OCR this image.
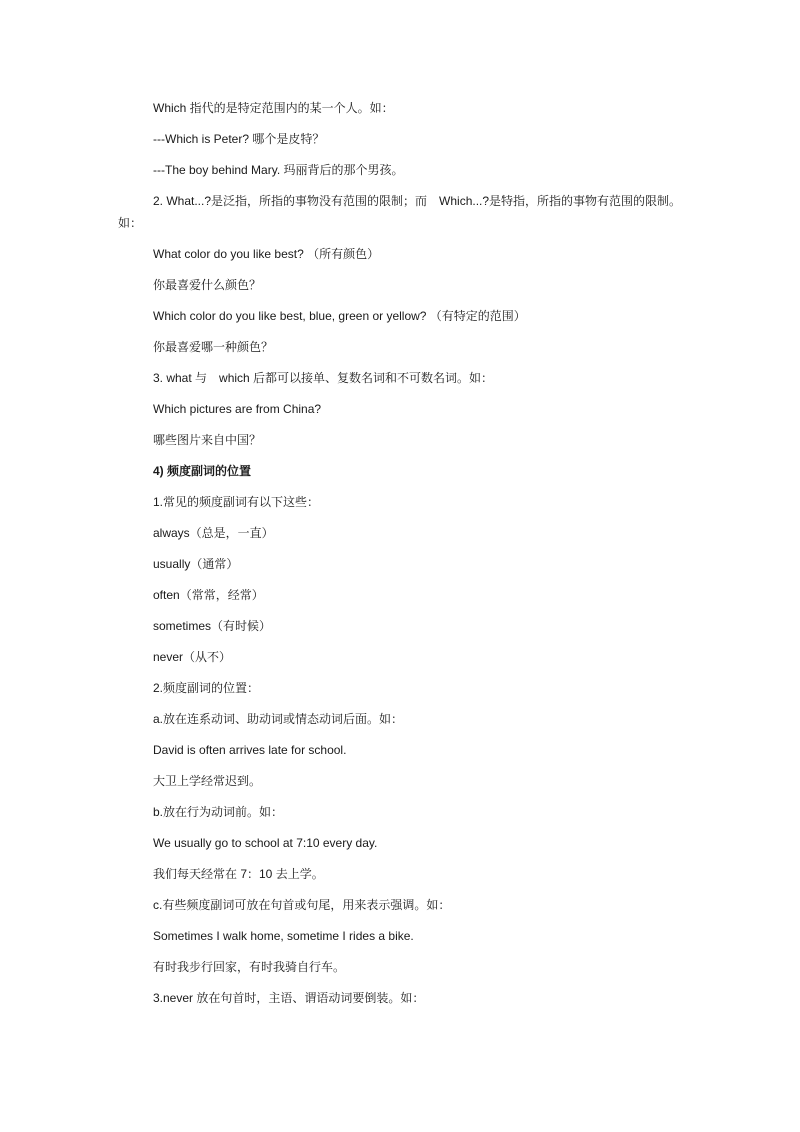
Which 指代的是特定范围内的某一个人。如：
---Which is Peter? 哪个是皮特？
---The boy behind Mary. 玛丽背后的那个男孩。
2. What...?是泛指，所指的事物没有范围的限制；而　Which...?是特指，所指的事物有范围的限制。
如：
What color do you like best? （所有颜色）
你最喜爱什么颜色？
Which color do you like best, blue, green or yellow? （有特定的范围）
你最喜爱哪一种颜色？
3. what 与　which 后都可以接单、复数名词和不可数名词。如：
Which pictures are from China?
哪些图片来自中国？
4) 频度副词的位置
1.常见的频度副词有以下这些：
always（总是，一直）
usually（通常）
often（常常，经常）
sometimes（有时候）
never（从不）
2.频度副词的位置：
a.放在连系动词、助动词或情态动词后面。如：
David is often arrives late for school.
大卫上学经常迟到。
b.放在行为动词前。如：
We usually go to school at 7:10 every day.
我们每天经常在 7：10 去上学。
c.有些频度副词可放在句首或句尾，用来表示强调。如：
Sometimes I walk home, sometime I rides a bike.
有时我步行回家，有时我骑自行车。
3.never 放在句首时，主语、谓语动词要倒装。如：
